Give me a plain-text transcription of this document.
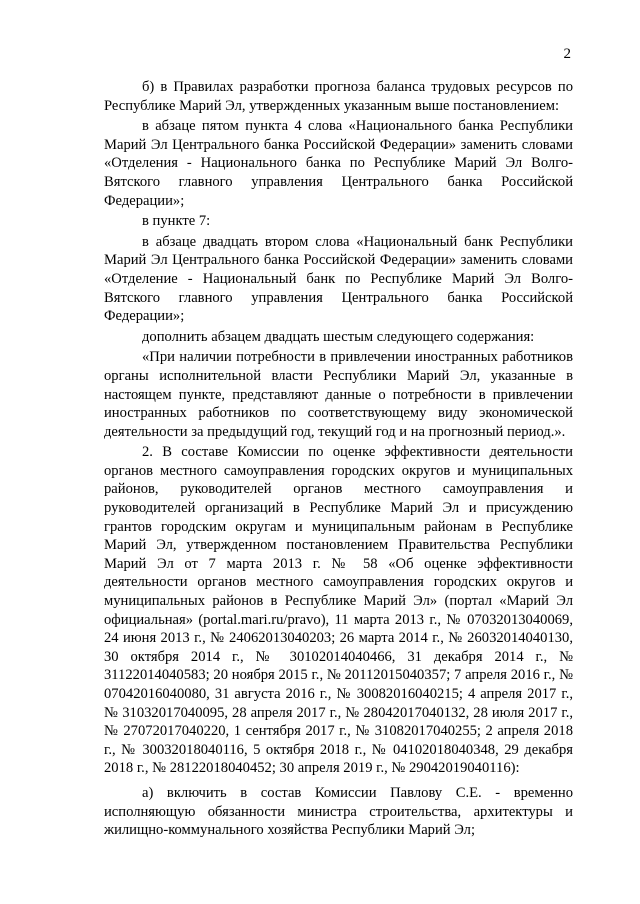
2

б) в Правилах разработки прогноза баланса трудовых ресурсов по Республике Марий Эл, утвержденных указанным выше постановлением:

в абзаце пятом пункта 4 слова «Национального банка Республики Марий Эл Центрального банка Российской Федерации» заменить словами «Отделения - Национального банка по Республике Марий Эл Волго-Вятского главного управления Центрального банка Российской Федерации»;

в пункте 7:

в абзаце двадцать втором слова «Национальный банк Республики Марий Эл Центрального банка Российской Федерации» заменить словами «Отделение - Национальный банк по Республике Марий Эл Волго-Вятского главного управления Центрального банка Российской Федерации»;

дополнить абзацем двадцать шестым следующего содержания:

«При наличии потребности в привлечении иностранных работников органы исполнительной власти Республики Марий Эл, указанные в настоящем пункте, представляют данные о потребности в привлечении иностранных работников по соответствующему виду экономической деятельности за предыдущий год, текущий год и на прогнозный период.».

2. В составе Комиссии по оценке эффективности деятельности органов местного самоуправления городских округов и муниципальных районов, руководителей органов местного самоуправления и руководителей организаций в Республике Марий Эл и присуждению грантов городским округам и муниципальным районам в Республике Марий Эл, утвержденном постановлением Правительства Республики Марий Эл от 7 марта 2013 г. № 58 «Об оценке эффективности деятельности органов местного самоуправления городских округов и муниципальных районов в Республике Марий Эл» (портал «Марий Эл официальная» (portal.mari.ru/pravo), 11 марта 2013 г., № 07032013040069, 24 июня 2013 г., № 24062013040203; 26 марта 2014 г., № 26032014040130, 30 октября 2014 г., № 30102014040466, 31 декабря 2014 г., № 31122014040583; 20 ноября 2015 г., № 20112015040357; 7 апреля 2016 г., № 07042016040080, 31 августа 2016 г., № 30082016040215; 4 апреля 2017 г., № 31032017040095, 28 апреля 2017 г., № 28042017040132, 28 июля 2017 г., № 27072017040220, 1 сентября 2017 г., № 31082017040255; 2 апреля 2018 г., № 30032018040116, 5 октября 2018 г., № 04102018040348, 29 декабря 2018 г., № 28122018040452; 30 апреля 2019 г., № 29042019040116):

а) включить в состав Комиссии Павлову С.Е. - временно исполняющую обязанности министра строительства, архитектуры и жилищно-коммунального хозяйства Республики Марий Эл;
